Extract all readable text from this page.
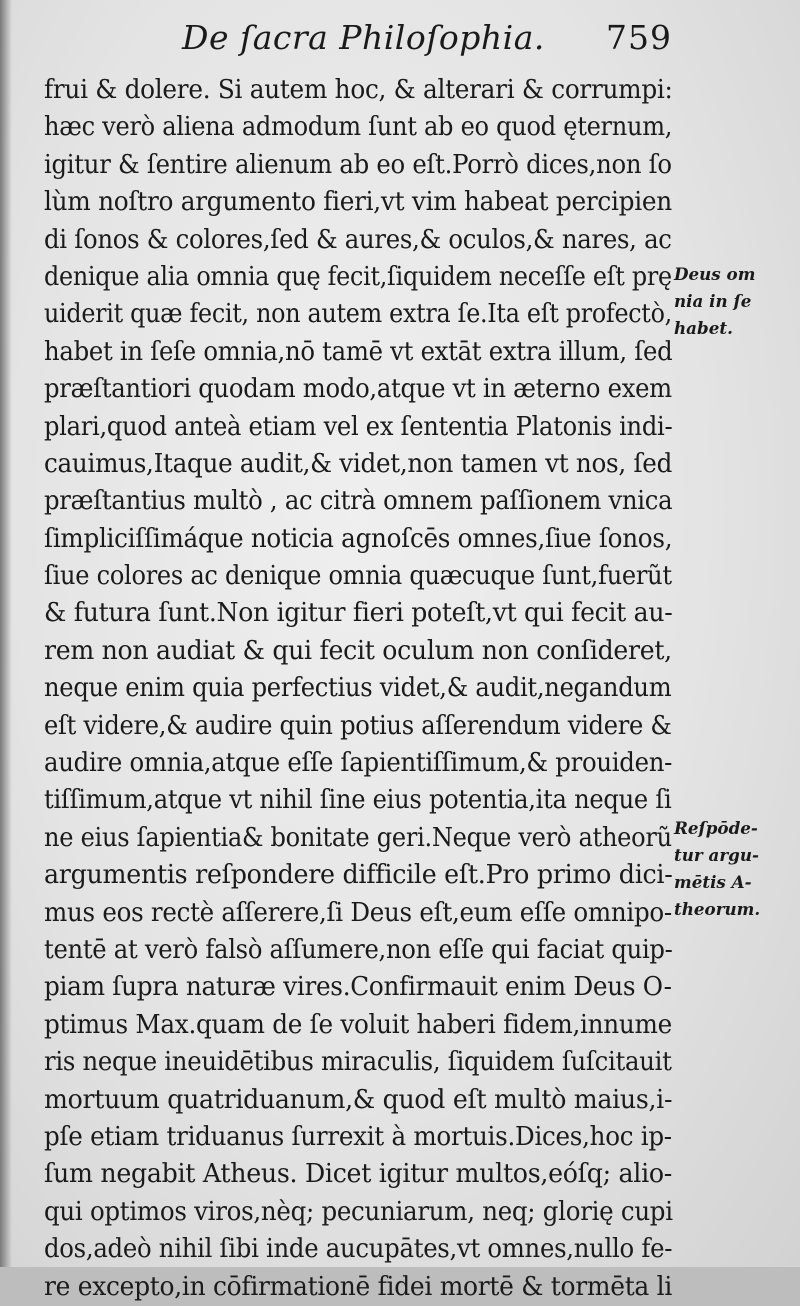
De ſacra Philoſophia. 759
frui & dolere. Si autem hoc, & alterari & corrumpi:
hæc verò aliena admodum ſunt ab eo quod ęternum,
igitur & ſentire alienum ab eo eſt.Porrò dices,non ſo
lùm noſtro argumento fieri,vt vim habeat percipien
di ſonos & colores,ſed & aures,& oculos,& nares, ac
denique alia omnia quę fecit,ſiquidem neceſſe eſt prę
uiderit quæ fecit, non autem extra ſe.Ita eſt profectò,
habet in ſeſe omnia,nō tamē vt extāt extra illum, ſed
præſtantiori quodam modo,atque vt in æterno exem
plari,quod anteà etiam vel ex ſententia Platonis indi-
cauimus,Itaque audit,& videt,non tamen vt nos, ſed
præſtantius multò , ac citrà omnem paſſionem vnica
ſimpliciſſimáque noticia agnoſcēs omnes,ſiue ſonos,
ſiue colores ac denique omnia quæcuque ſunt,fuerũt
& futura ſunt.Non igitur fieri poteſt,vt qui fecit au-
rem non audiat & qui fecit oculum non conſideret,
neque enim quia perfectius videt,& audit,negandum
eſt videre,& audire quin potius aſſerendum videre &
audire omnia,atque eſſe ſapientiſſimum,& prouiden-
tiſſimum,atque vt nihil ſine eius potentia,ita neque ſi
ne eius ſapientia& bonitate geri.Neque verò atheorũ
argumentis reſpondere difficile eſt.Pro primo dici-
mus eos rectè aſſerere,ſi Deus eſt,eum eſſe omnipo-
tentē at verò falsò aſſumere,non eſſe qui faciat quip-
piam ſupra naturæ vires.Confirmauit enim Deus O-
ptimus Max.quam de ſe voluit haberi fidem,innume
ris neque ineuidētibus miraculis, ſiquidem ſuſcitauit
mortuum quatriduanum,& quod eſt multò maius,i-
pſe etiam triduanus ſurrexit à mortuis.Dices,hoc ip-
ſum negabit Atheus. Dicet igitur multos,eóſq; alio-
qui optimos viros,nèq; pecuniarum, neq; glorię cupi
dos,adeò nihil ſibi inde aucupātes,vt omnes,nullo fe-
re excepto,in cōfirmationē fidei mortē & tormēta li
Deus om
nia in ſe
habet.
Reſpōde-
tur argu-
mētis A-
theorum.
